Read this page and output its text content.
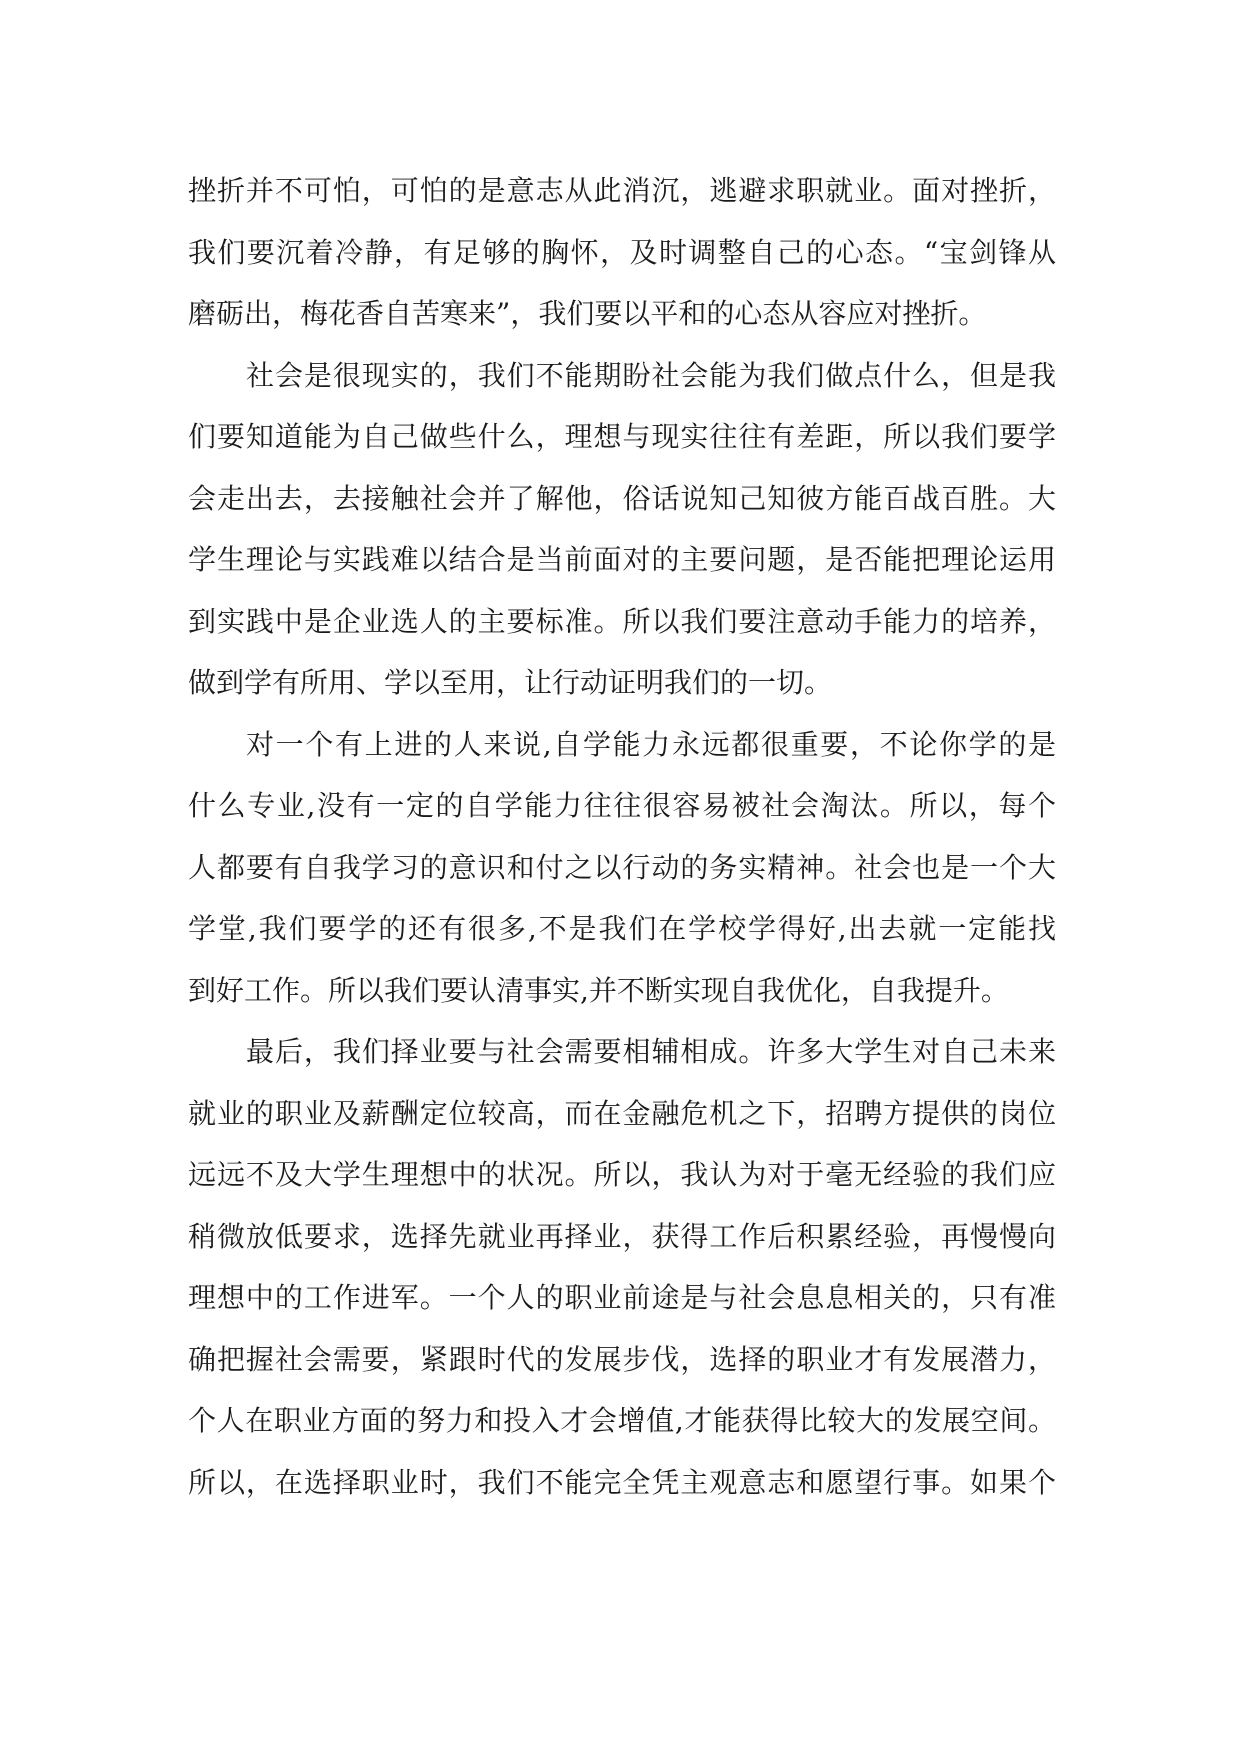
挫折并不可怕，可怕的是意志从此消沉，逃避求职就业。面对挫折，
我们要沉着冷静，有足够的胸怀，及时调整自己的心态。“宝剑锋从
磨砺出，梅花香自苦寒来”，我们要以平和的心态从容应对挫折。
社会是很现实的，我们不能期盼社会能为我们做点什么，但是我
们要知道能为自己做些什么，理想与现实往往有差距，所以我们要学
会走出去，去接触社会并了解他，俗话说知己知彼方能百战百胜。大
学生理论与实践难以结合是当前面对的主要问题，是否能把理论运用
到实践中是企业选人的主要标准。所以我们要注意动手能力的培养，
做到学有所用、学以至用，让行动证明我们的一切。
对一个有上进的人来说,自学能力永远都很重要，不论你学的是
什么专业,没有一定的自学能力往往很容易被社会淘汰。所以，每个
人都要有自我学习的意识和付之以行动的务实精神。社会也是一个大
学堂,我们要学的还有很多,不是我们在学校学得好,出去就一定能找
到好工作。所以我们要认清事实,并不断实现自我优化，自我提升。
最后，我们择业要与社会需要相辅相成。许多大学生对自己未来
就业的职业及薪酬定位较高，而在金融危机之下，招聘方提供的岗位
远远不及大学生理想中的状况。所以，我认为对于毫无经验的我们应
稍微放低要求，选择先就业再择业，获得工作后积累经验，再慢慢向
理想中的工作进军。一个人的职业前途是与社会息息相关的，只有准
确把握社会需要，紧跟时代的发展步伐，选择的职业才有发展潜力，
个人在职业方面的努力和投入才会增值,才能获得比较大的发展空间。
所以，在选择职业时，我们不能完全凭主观意志和愿望行事。如果个
